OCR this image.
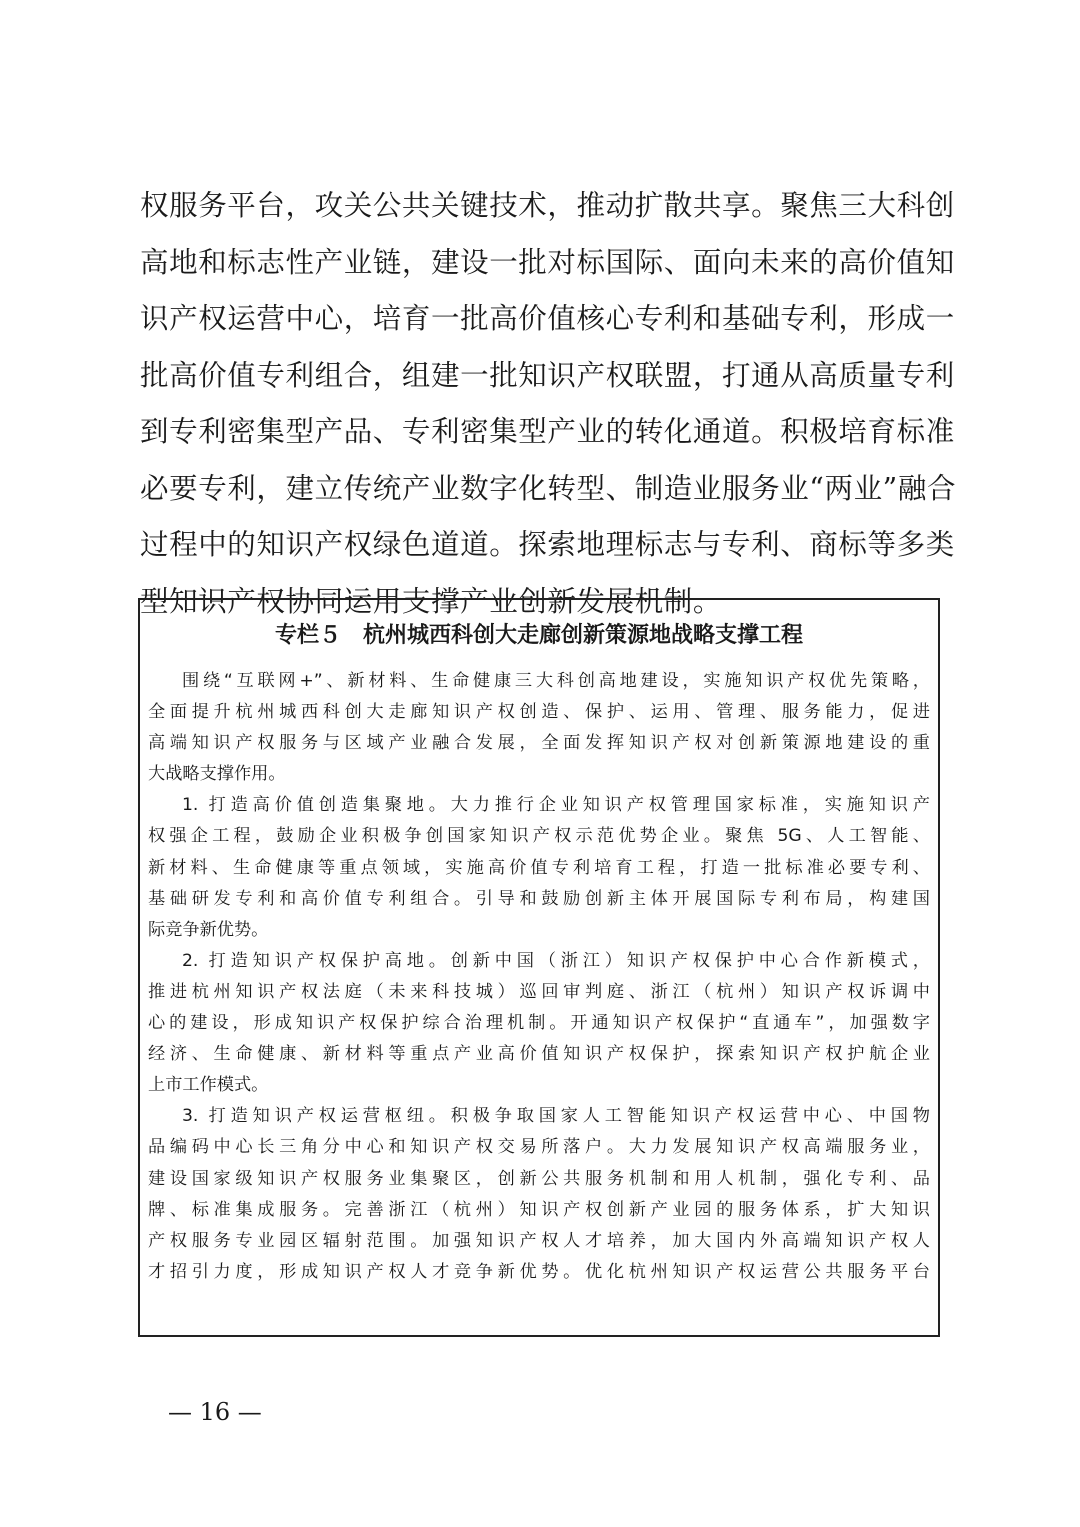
权服务平台，攻关公共关键技术，推动扩散共享。聚焦三大科创
高地和标志性产业链，建设一批对标国际、面向未来的高价值知
识产权运营中心，培育一批高价值核心专利和基础专利，形成一
批高价值专利组合，组建一批知识产权联盟，打通从高质量专利
到专利密集型产品、专利密集型产业的转化通道。积极培育标准
必要专利，建立传统产业数字化转型、制造业服务业“两业”融合
过程中的知识产权绿色道道。探索地理标志与专利、商标等多类
型知识产权协同运用支撑产业创新发展机制。
专栏５　杭州城西科创大走廊创新策源地战略支撑工程
围绕“互联网+”、新材料、生命健康三大科创高地建设，实施知识产权优先策略，
全面提升杭州城西科创大走廊知识产权创造、保护、运用、管理、服务能力，促进
高端知识产权服务与区域产业融合发展，全面发挥知识产权对创新策源地建设的重
大战略支撑作用。
1. 打造高价值创造集聚地。大力推行企业知识产权管理国家标准，实施知识产
权强企工程，鼓励企业积极争创国家知识产权示范优势企业。聚焦 5G、人工智能、
新材料、生命健康等重点领域，实施高价值专利培育工程，打造一批标准必要专利、
基础研发专利和高价值专利组合。引导和鼓励创新主体开展国际专利布局，构建国
际竞争新优势。
2. 打造知识产权保护高地。创新中国（浙江）知识产权保护中心合作新模式，
推进杭州知识产权法庭（未来科技城）巡回审判庭、浙江（杭州）知识产权诉调中
心的建设，形成知识产权保护综合治理机制。开通知识产权保护“直通车”，加强数字
经济、生命健康、新材料等重点产业高价值知识产权保护，探索知识产权护航企业
上市工作模式。
3. 打造知识产权运营枢纽。积极争取国家人工智能知识产权运营中心、中国物
品编码中心长三角分中心和知识产权交易所落户。大力发展知识产权高端服务业，
建设国家级知识产权服务业集聚区，创新公共服务机制和用人机制，强化专利、品
牌、标准集成服务。完善浙江（杭州）知识产权创新产业园的服务体系，扩大知识
产权服务专业园区辐射范围。加强知识产权人才培养，加大国内外高端知识产权人
才招引力度，形成知识产权人才竞争新优势。优化杭州知识产权运营公共服务平台
— 16 —
